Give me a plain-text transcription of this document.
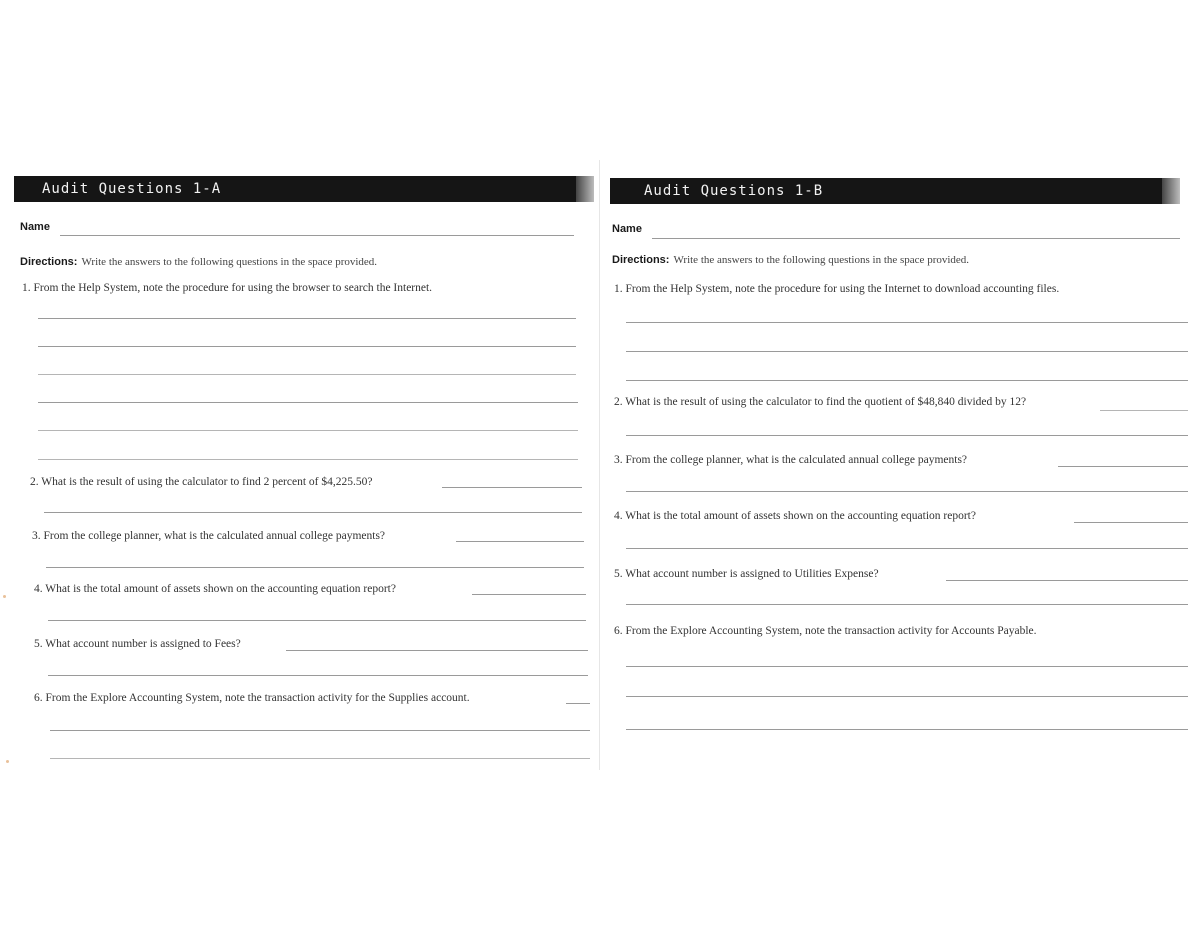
Audit Questions 1-A
Name
Directions: Write the answers to the following questions in the space provided.
1. From the Help System, note the procedure for using the browser to search the Internet.
2. What is the result of using the calculator to find 2 percent of $4,225.50?
3. From the college planner, what is the calculated annual college payments?
4. What is the total amount of assets shown on the accounting equation report?
5. What account number is assigned to Fees?
6. From the Explore Accounting System, note the transaction activity for the Supplies account.
Audit Questions 1-B
Name
Directions: Write the answers to the following questions in the space provided.
1. From the Help System, note the procedure for using the Internet to download accounting files.
2. What is the result of using the calculator to find the quotient of $48,840 divided by 12?
3. From the college planner, what is the calculated annual college payments?
4. What is the total amount of assets shown on the accounting equation report?
5. What account number is assigned to Utilities Expense?
6. From the Explore Accounting System, note the transaction activity for Accounts Payable.
